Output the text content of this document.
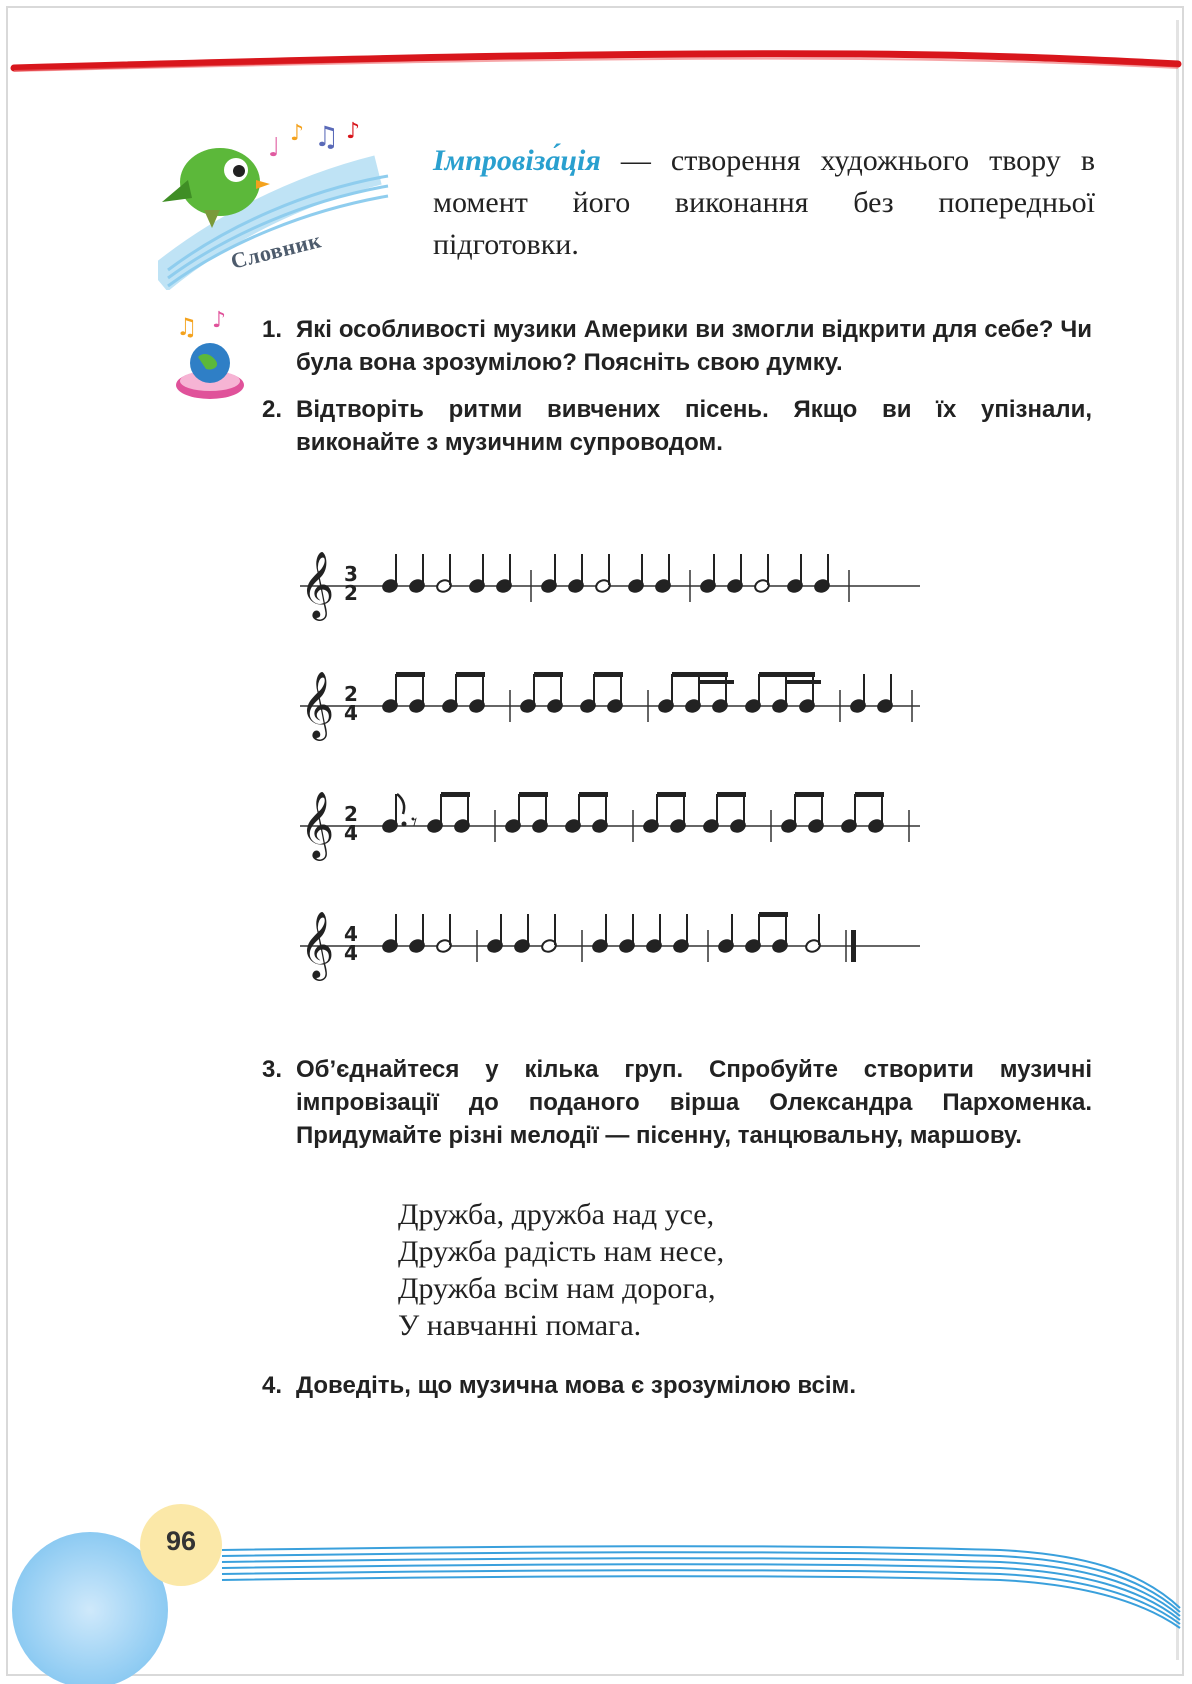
♩ ♪ ♫ ♪
Словник
Імпровіза́ція — створення художнього твору в момент його виконання без попередньої підготовки.
♫ ♪ 1. Які особливості музики Америки ви змогли відкрити для себе? Чи була вона зрозумілою? Поясніть свою думку.
2. Відтворіть ритми вивчених пісень. Якщо ви їх упізнали, виконайте з музичним супроводом.
𝄞 3
2
𝄞 2
4
𝄞 2
4 𝄾
𝄞 4
4
3. Об’єднайтеся у кілька груп. Спробуйте створити музичні імпровізації до поданого вірша Олександра Пархоменка. Придумайте різні мелодії — пісенну, танцювальну, маршову.
Дружба, дружба над усе,
Дружба радість нам несе,
Дружба всім нам дорога,
У навчанні помага.
4. Доведіть, що музична мова є зрозумілою всім.
96
